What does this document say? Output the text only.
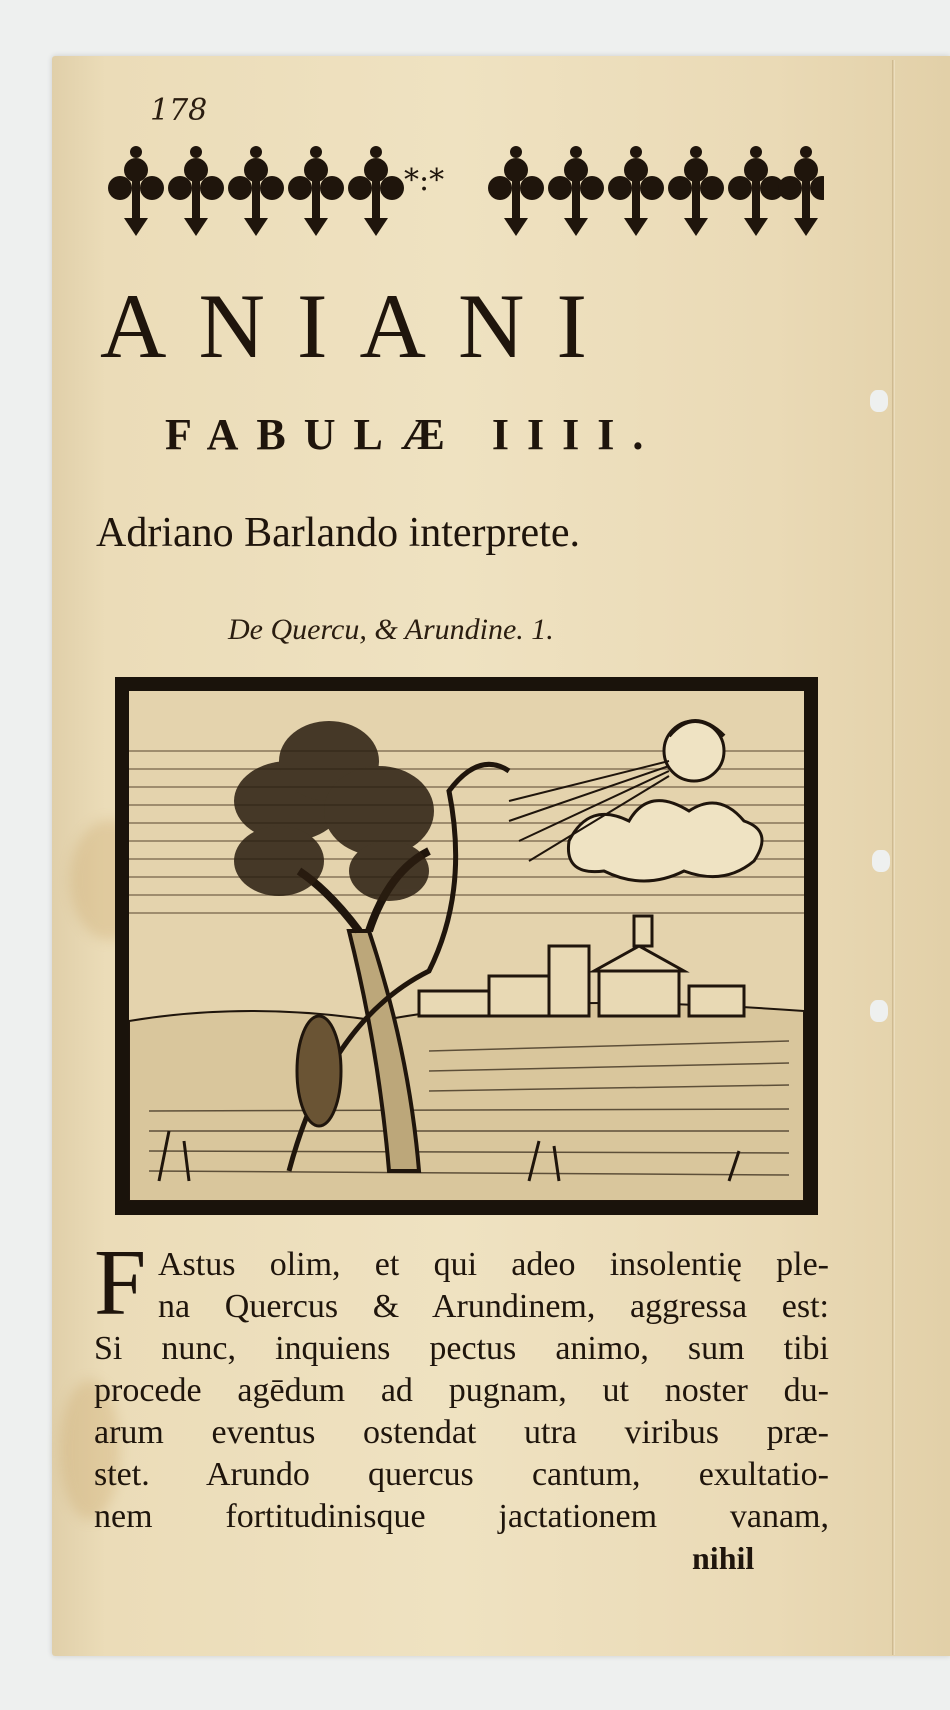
178
*:*
ANIANI
FABULÆ IIII.
Adriano Barlando interprete.
De Quercu, & Arundine. 1.
F Astus olim, et qui adeo insolentię ple-
na Quercus & Arundinem, aggressa est:
Si nunc, inquiens pectus animo, sum tibi
procede agēdum ad pugnam, ut noster du-
arum eventus ostendat utra viribus præ-
stet. Arundo quercus cantum, exultatio-
nem fortitudinisque jactationem vanam,
nihil
